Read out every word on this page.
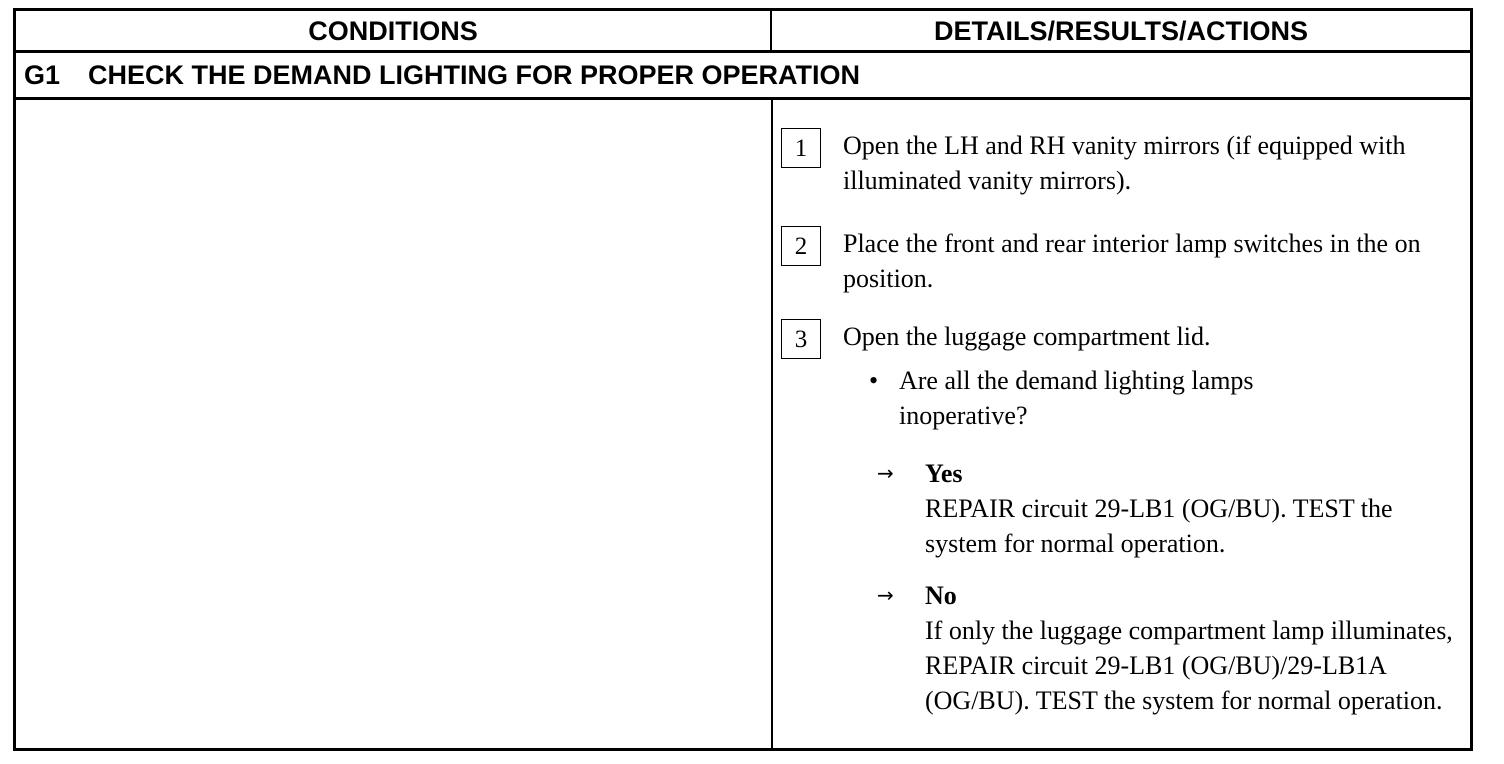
CONDITIONS	DETAILS/RESULTS/ACTIONS
G1 CHECK THE DEMAND LIGHTING FOR PROPER OPERATION
1	Open the LH and RH vanity mirrors (if equipped with illuminated vanity mirrors).
2	Place the front and rear interior lamp switches in the on position.
3	Open the luggage compartment lid.
• Are all the demand lighting lamps inoperative?
→ Yes
REPAIR circuit 29-LB1 (OG/BU). TEST the system for normal operation.
→ No
If only the luggage compartment lamp illuminates, REPAIR circuit 29-LB1 (OG/BU)/29-LB1A (OG/BU). TEST the system for normal operation.
